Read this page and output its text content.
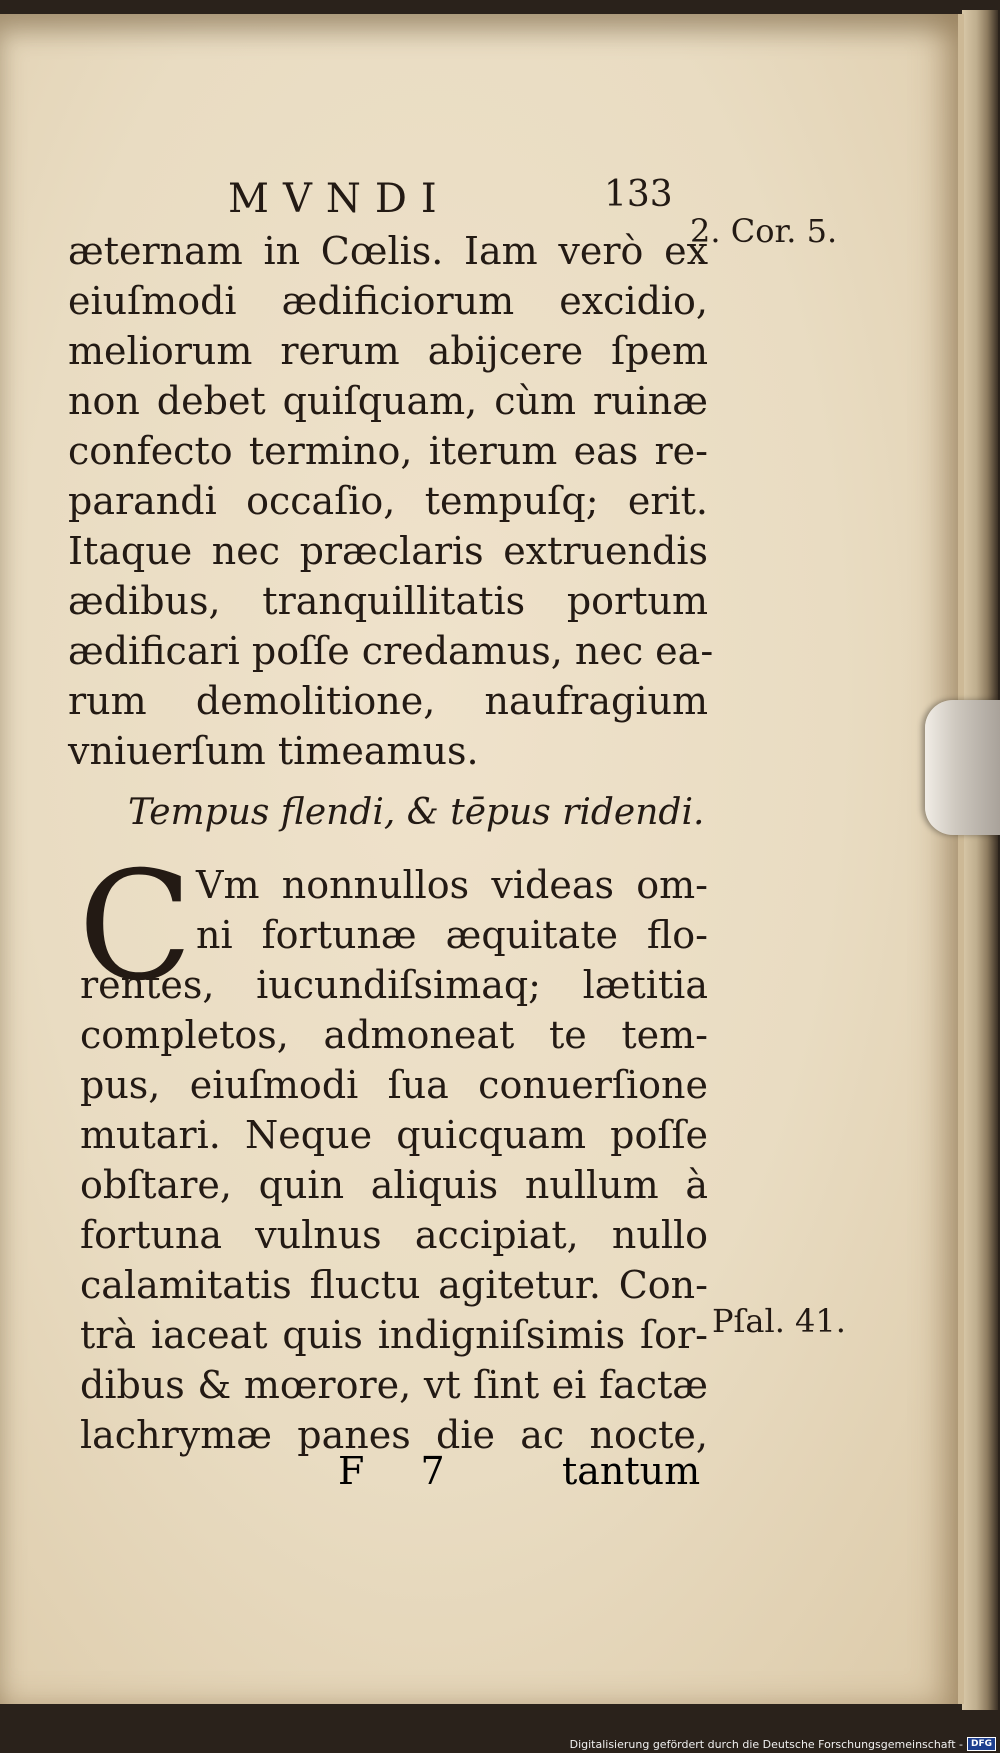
MVNDI	133
2. Cor. 5.
æternam in Cœlis. Iam verò ex
eiuſmodi ædificiorum excidio,
meliorum rerum abijcere ſpem
non debet quiſquam, cùm ruinæ
confecto termino, iterum eas re-
parandi occaſio, tempuſq; erit.
Itaque nec præclaris extruendis
ædibus, tranquillitatis portum
ædificari poſſe credamus, nec ea-
rum demolitione, naufragium
vniuerſum timeamus.
Tempus flendi, & tēpus ridendi.
C Vm nonnullos videas om-
ni fortunæ æquitate flo-
rentes, iucundiſsimaq; lætitia
completos, admoneat te tem-
pus, eiuſmodi ſua conuerſione
mutari. Neque quicquam poſſe
obſtare, quin aliquis nullum à
fortuna vulnus accipiat, nullo
calamitatis fluctu agitetur. Con-
trà iaceat quis indigniſsimis ſor-
dibus & mœrore, vt ſint ei factæ
lachrymæ panes die ac nocte,
Pſal. 41.
F 7	tantum
Digitalisierung gefördert durch die Deutsche Forschungsgemeinschaft - DFG
